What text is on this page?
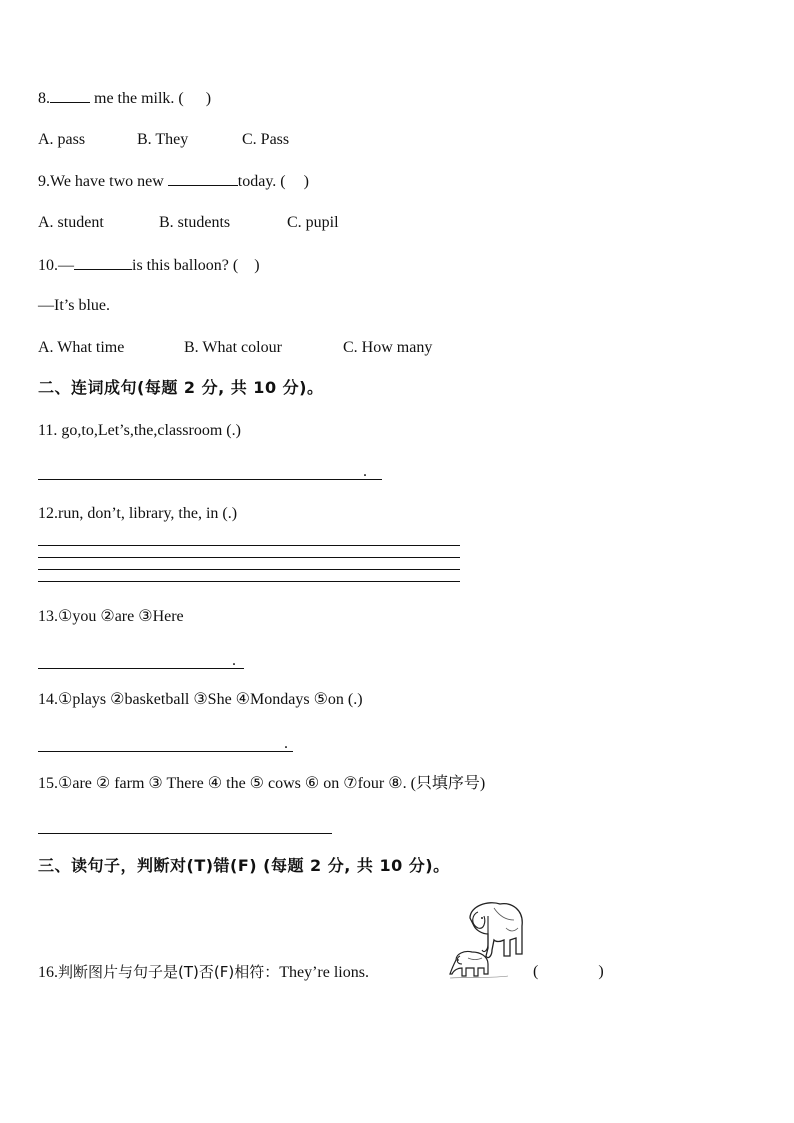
8.	me the milk. ( )
A. pass	B. They	C. Pass
9.We have two new	today. ( )
A. student	B. students	C. pupil
10.—	is this balloon? ( )
—It’s blue.
A. What time	B. What colour	C. How many
二、连词成句(每题 2 分, 共 10 分)。
11. go,to,Let’s,the,classroom (.)
.
12.run, don’t, library, the, in (.)
13.①you ②are ③Here
.
14.①plays ②basketball ③She ④Mondays ⑤on (.)
.
15.①are ② farm ③ There ④ the ⑤ cows ⑥ on ⑦four ⑧. (只填序号)
三、读句子，判断对(T)错(F) (每题 2 分, 共 10 分)。
16.判断图片与句子是(T)否(F)相符：They’re lions.	(	)
